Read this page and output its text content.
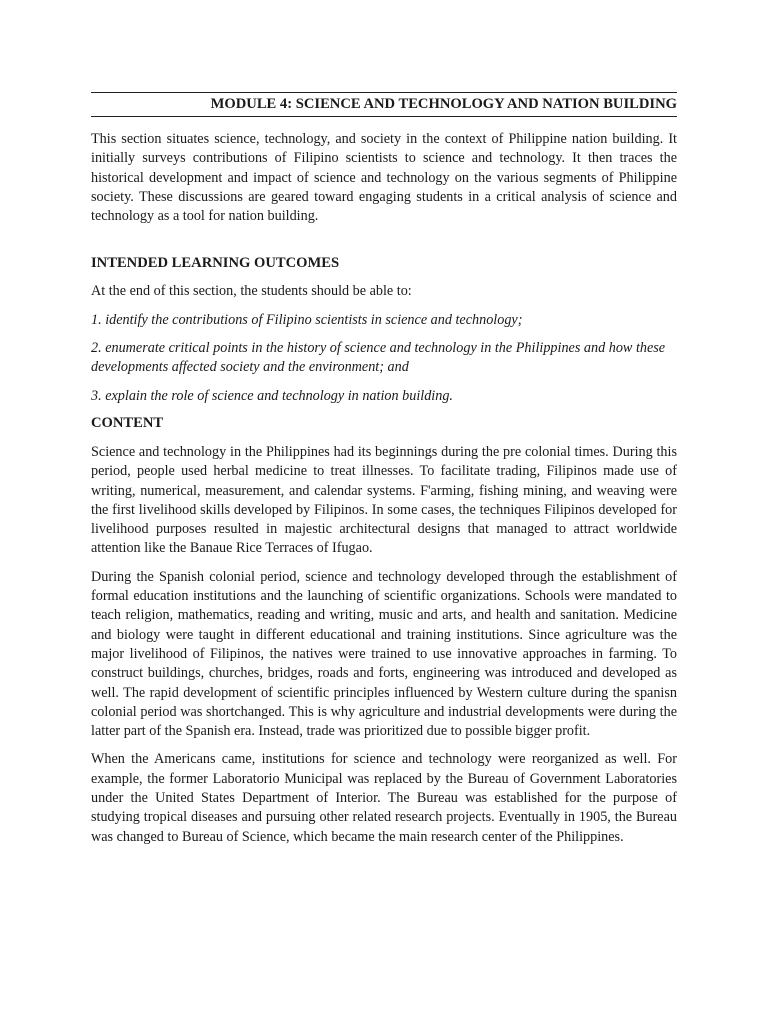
MODULE 4: SCIENCE AND TECHNOLOGY AND NATION BUILDING

This section situates science, technology, and society in the context of Philippine nation building. It initially surveys contributions of Filipino scientists to science and technology. It then traces the historical development and impact of science and technology on the various segments of Philippine society. These discussions are geared toward engaging students in a critical analysis of science and technology as a tool for nation building.

INTENDED LEARNING OUTCOMES

At the end of this section, the students should be able to:

1. identify the contributions of Filipino scientists in science and technology;

2. enumerate critical points in the history of science and technology in the Philippines and how these developments affected society and the environment; and

3. explain the role of science and technology in nation building.

CONTENT

Science and technology in the Philippines had its beginnings during the pre colonial times. During this period, people used herbal medicine to treat illnesses. To facilitate trading, Filipinos made use of writing, numerical, measurement, and calendar systems. F'arming, fishing mining, and weaving were the first livelihood skills developed by Filipinos. In some cases, the techniques Filipinos developed for livelihood purposes resulted in majestic architectural designs that managed to attract worldwide attention like the Banaue Rice Terraces of Ifugao.

During the Spanish colonial period, science and technology developed through the establishment of formal education institutions and the launching of scientific organizations. Schools were mandated to teach religion, mathematics, reading and writing, music and arts, and health and sanitation. Medicine and biology were taught in different educational and training institutions. Since agriculture was the major livelihood of Filipinos, the natives were trained to use innovative approaches in farming. To construct buildings, churches, bridges, roads and forts, engineering was introduced and developed as well. The rapid development of scientific principles influenced by Western culture during the spanisn colonial period was shortchanged. This is why agriculture and industrial developments were during the latter part of the Spanish era. Instead, trade was prioritized due to possible bigger profit.

When the Americans came, institutions for science and technology were reorganized as well. For example, the former Laboratorio Municipal was replaced by the Bureau of Government Laboratories under the United States Department of Interior. The Bureau was established for the purpose of studying tropical diseases and pursuing other related research projects. Eventually in 1905, the Bureau was changed to Bureau of Science, which became the main research center of the Philippines.
